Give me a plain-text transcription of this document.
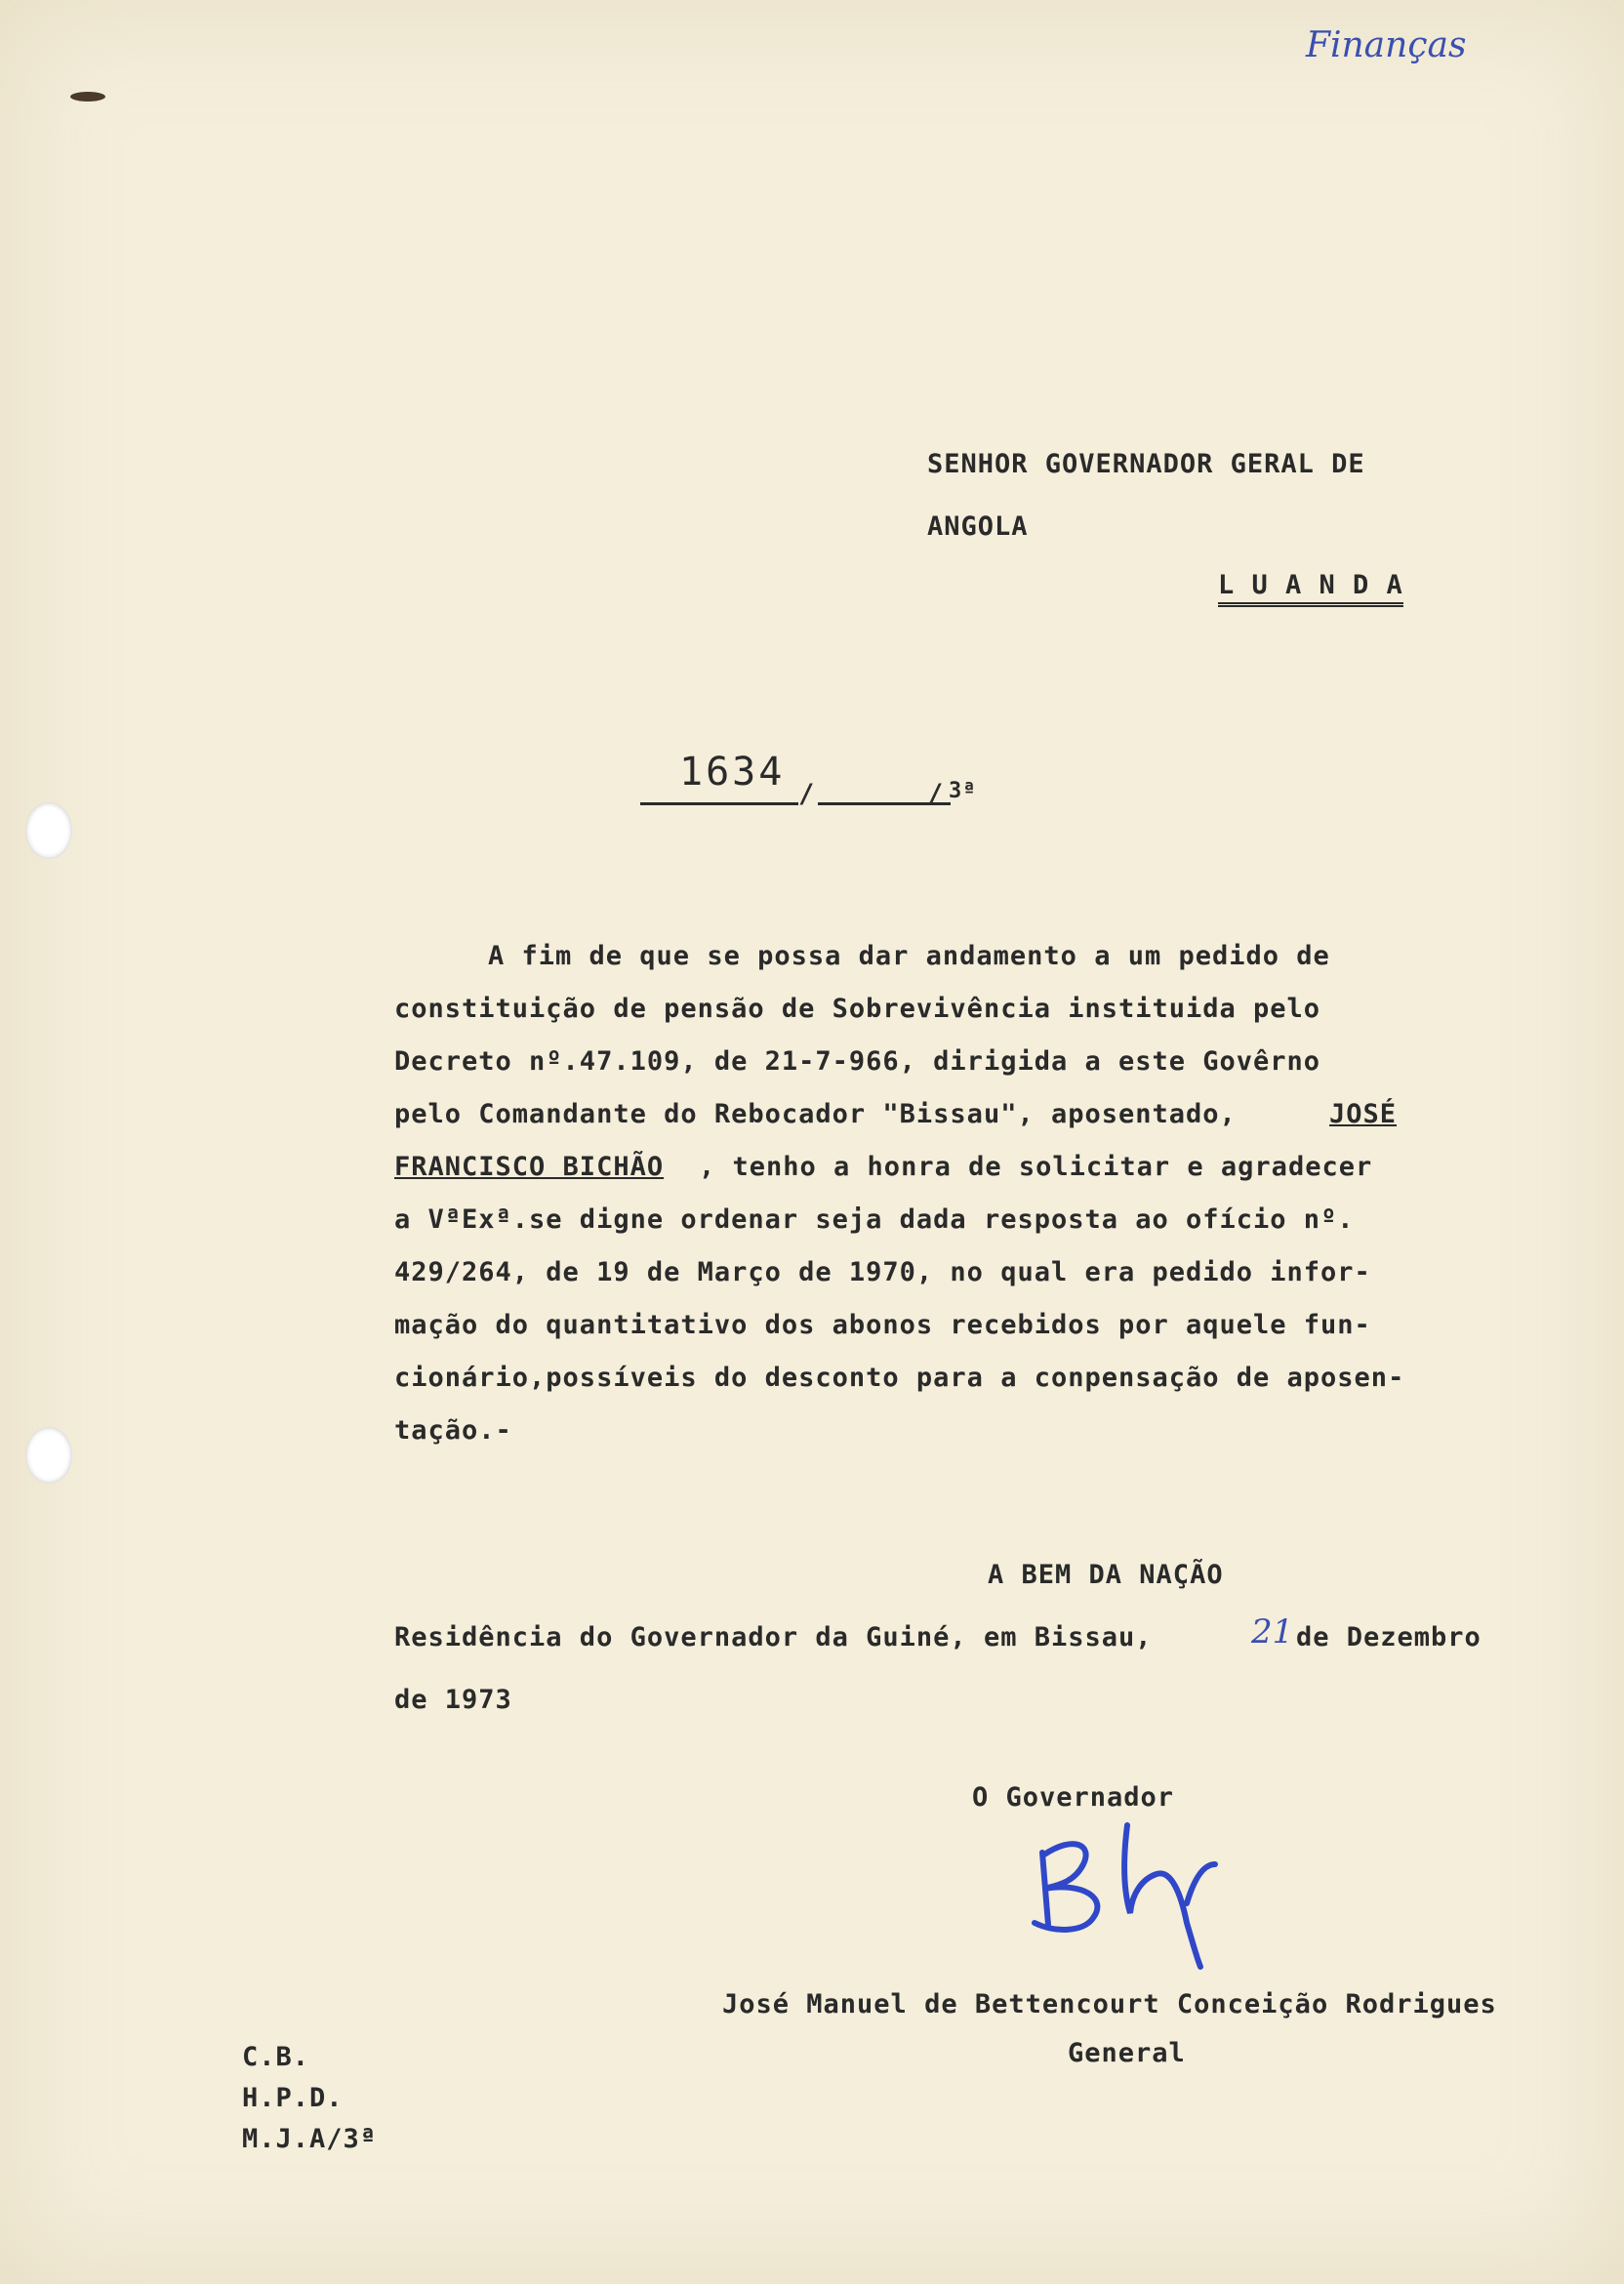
Finanças
SENHOR GOVERNADOR GERAL DE
ANGOLA
L U A N D A
1634 /	/ 3ª
A fim de que se possa dar andamento a um pedido de
constituição de pensão de Sobrevivência instituida pelo
Decreto nº.47.109, de 21-7-966, dirigida a este Govêrno
pelo Comandante do Rebocador "Bissau", aposentado,	JOSÉ
FRANCISCO BICHÃO , tenho a honra de solicitar e agradecer
a VªExª.se digne ordenar seja dada resposta ao ofício nº.
429/264, de 19 de Março de 1970, no qual era pedido infor-
mação do quantitativo dos abonos recebidos por aquele fun-
cionário,possíveis do desconto para a conpensação de aposen-
tação.-
A BEM DA NAÇÃO
Residência do Governador da Guiné, em Bissau,	21 de Dezembro
de 1973
O Governador
José Manuel de Bettencourt Conceição Rodrigues
General
C.B.
H.P.D.
M.J.A/3ª
